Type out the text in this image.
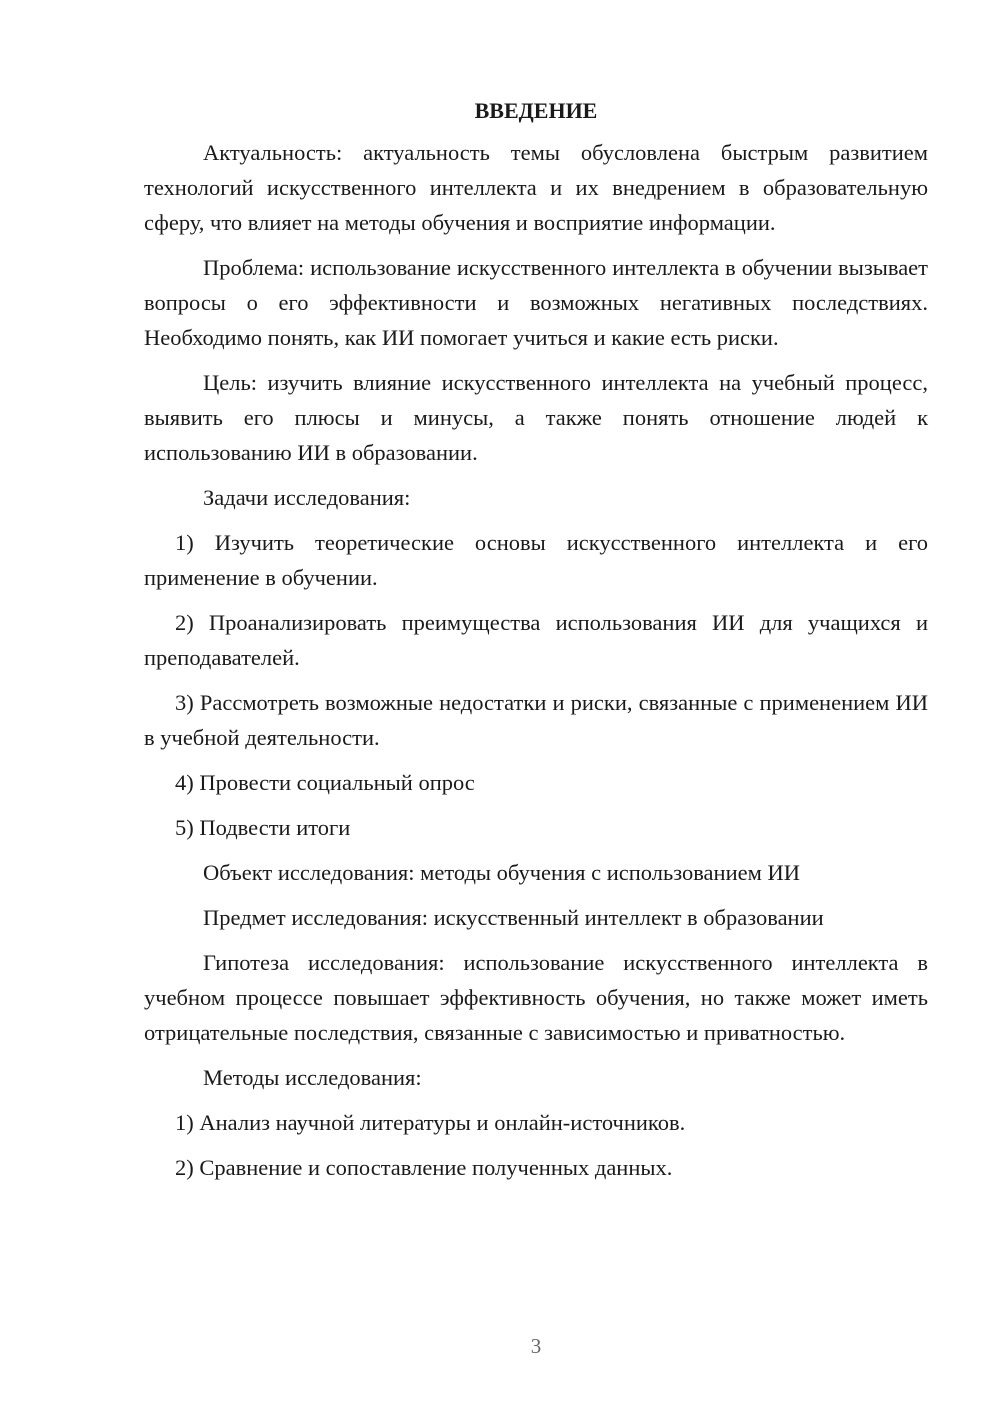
ВВЕДЕНИЕ

Актуальность: актуальность темы обусловлена быстрым развитием технологий искусственного интеллекта и их внедрением в образовательную сферу, что влияет на методы обучения и восприятие информации.

Проблема: использование искусственного интеллекта в обучении вызывает вопросы о его эффективности и возможных негативных последствиях. Необходимо понять, как ИИ помогает учиться и какие есть риски.

Цель: изучить влияние искусственного интеллекта на учебный процесс, выявить его плюсы и минусы, а также понять отношение людей к использованию ИИ в образовании.

Задачи исследования:

1) Изучить теоретические основы искусственного интеллекта и его применение в обучении.

2) Проанализировать преимущества использования ИИ для учащихся и преподавателей.

3) Рассмотреть возможные недостатки и риски, связанные с применением ИИ в учебной деятельности.

4) Провести социальный опрос

5) Подвести итоги

Объект исследования: методы обучения с использованием ИИ

Предмет исследования: искусственный интеллект в образовании

Гипотеза исследования: использование искусственного интеллекта в учебном процессе повышает эффективность обучения, но также может иметь отрицательные последствия, связанные с зависимостью и приватностью.

Методы исследования:

1) Анализ научной литературы и онлайн-источников.

2) Сравнение и сопоставление полученных данных.

3
